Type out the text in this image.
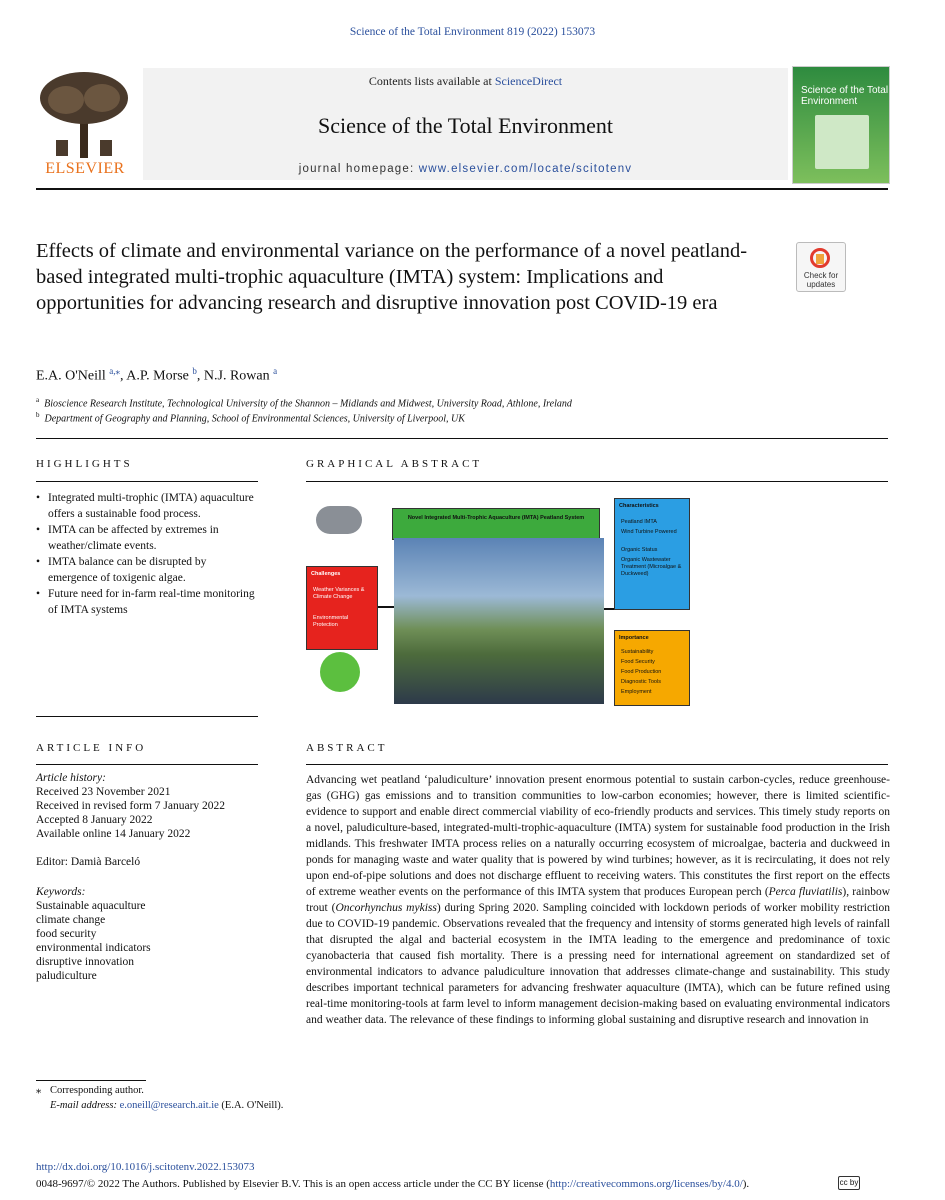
Science of the Total Environment 819 (2022) 153073
ELSEVIER
Contents lists available at ScienceDirect
Science of the Total Environment
journal homepage: www.elsevier.com/locate/scitotenv
Science of the Total Environment
Effects of climate and environmental variance on the performance of a novel peatland-based integrated multi-trophic aquaculture (IMTA) system: Implications and opportunities for advancing research and disruptive innovation post COVID-19 era
Check for updates
E.A. O'Neill $^{a,⁎}$, A.P. Morse $^b$, N.J. Rowan $^a$
$^a$ Bioscience Research Institute, Technological University of the Shannon – Midlands and Midwest, University Road, Athlone, Ireland
$^b$ Department of Geography and Planning, School of Environmental Sciences, University of Liverpool, UK
HIGHLIGHTS
• Integrated multi-trophic (IMTA) aquaculture offers a sustainable food process.
• IMTA can be affected by extremes in weather/climate events.
• IMTA balance can be disrupted by emergence of toxigenic algae.
• Future need for in-farm real-time monitoring of IMTA systems
GRAPHICAL ABSTRACT
Challenges
Weather Variances & Climate Change
Environmental Protection
Novel Integrated Multi-Trophic Aquaculture (IMTA) Peatland System
Characteristics
Peatland IMTA
Wind Turbine Powered
Organic Status
Organic Wastewater Treatment (Microalgae & Duckweed)
Importance
Sustainability
Food Security
Food Production
Diagnostic Tools
Employment
ARTICLE INFO
Article history:
Received 23 November 2021
Received in revised form 7 January 2022
Accepted 8 January 2022
Available online 14 January 2022
Editor: Damià Barceló
Keywords:
Sustainable aquaculture
climate change
food security
environmental indicators
disruptive innovation
paludiculture
ABSTRACT
Advancing wet peatland ‘paludiculture’ innovation present enormous potential to sustain carbon-cycles, reduce greenhouse-gas (GHG) gas emissions and to transition communities to low-carbon economies; however, there is limited scientific-evidence to support and enable direct commercial viability of eco-friendly products and services. This timely study reports on a novel, paludiculture-based, integrated-multi-trophic-aquaculture (IMTA) system for sustainable food production in the Irish midlands. This freshwater IMTA process relies on a naturally occurring ecosystem of microalgae, bacteria and duckweed in ponds for managing waste and water quality that is powered by wind turbines; however, as it is recirculating, it does not rely upon end-of-pipe solutions and does not discharge effluent to receiving waters. This constitutes the first report on the effects of extreme weather events on the performance of this IMTA system that produces European perch (Perca fluviatilis), rainbow trout (Oncorhynchus mykiss) during Spring 2020. Sampling coincided with lockdown periods of worker mobility restriction due to COVID-19 pandemic. Observations revealed that the frequency and intensity of storms generated high levels of rainfall that disrupted the algal and bacterial ecosystem in the IMTA leading to the emergence and predominance of toxic cyanobacteria that caused fish mortality. There is a pressing need for international agreement on standardized set of environmental indicators to advance paludiculture innovation that addresses climate-change and sustainability. This study describes important technical parameters for advancing freshwater aquaculture (IMTA), which can be future refined using real-time monitoring-tools at farm level to inform management decision-making based on evaluating environmental indicators and weather data. The relevance of these findings to informing global sustaining and disruptive research and innovation in
⁎ Corresponding author.
E-mail address: e.oneill@research.ait.ie (E.A. O'Neill).
http://dx.doi.org/10.1016/j.scitotenv.2022.153073
0048-9697/© 2022 The Authors. Published by Elsevier B.V. This is an open access article under the CC BY license (http://creativecommons.org/licenses/by/4.0/).	cc by
